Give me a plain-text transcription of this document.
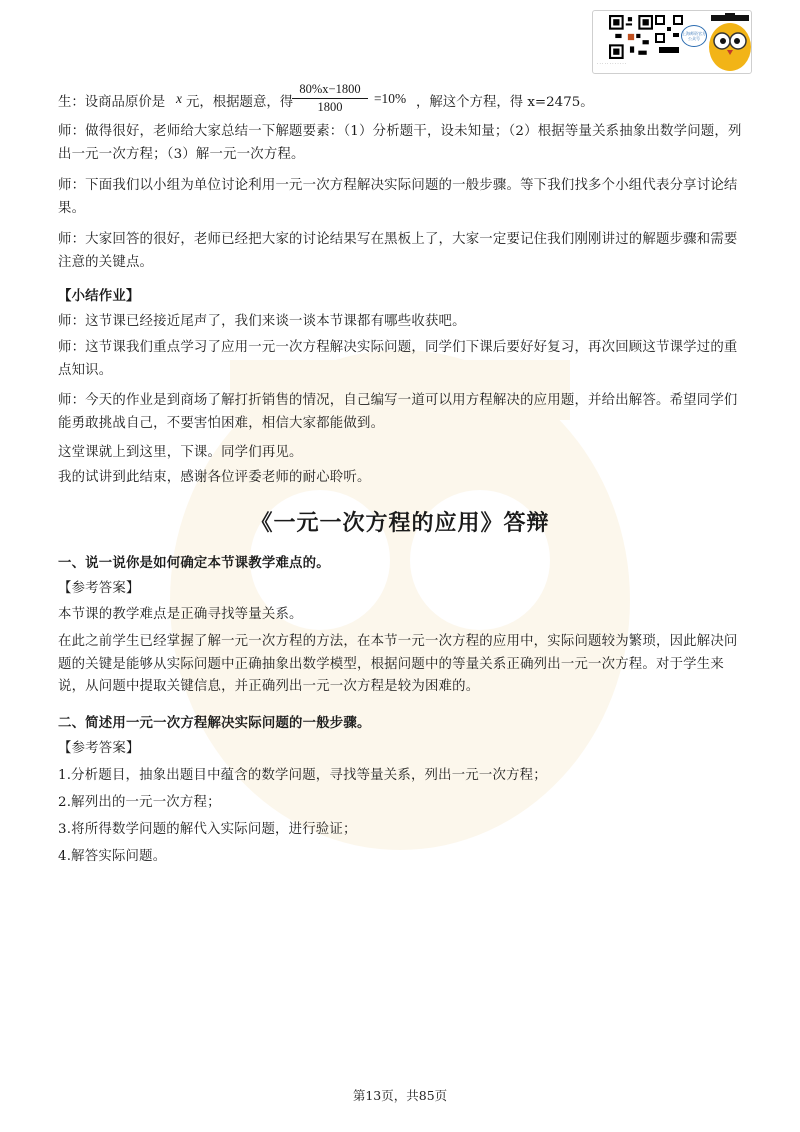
上海师资官方公众号
· · · · · · · · · · · ·
生：设商品原价是 x 元，根据题意，得
80%x−1800
1800
=10% ，解这个方程，得 x=2475。

师：做得很好，老师给大家总结一下解题要素：（1）分析题干，设未知量；（2）根据等量关系抽象出数学问题，列出一元一次方程；（3）解一元一次方程。

师：下面我们以小组为单位讨论利用一元一次方程解决实际问题的一般步骤。等下我们找多个小组代表分享讨论结果。

师：大家回答的很好，老师已经把大家的讨论结果写在黑板上了，大家一定要记住我们刚刚讲过的解题步骤和需要注意的关键点。

【小结作业】

师：这节课已经接近尾声了，我们来谈一谈本节课都有哪些收获吧。

师：这节课我们重点学习了应用一元一次方程解决实际问题，同学们下课后要好好复习，再次回顾这节课学过的重点知识。

师：今天的作业是到商场了解打折销售的情况，自己编写一道可以用方程解决的应用题，并给出解答。希望同学们能勇敢挑战自己，不要害怕困难，相信大家都能做到。

这堂课就上到这里，下课。同学们再见。

我的试讲到此结束，感谢各位评委老师的耐心聆听。

《一元一次方程的应用》答辩

一、说一说你是如何确定本节课教学难点的。

【参考答案】

本节课的教学难点是正确寻找等量关系。

在此之前学生已经掌握了解一元一次方程的方法，在本节一元一次方程的应用中，实际问题较为繁琐，因此解决问题的关键是能够从实际问题中正确抽象出数学模型，根据问题中的等量关系正确列出一元一次方程。对于学生来说，从问题中提取关键信息，并正确列出一元一次方程是较为困难的。

二、简述用一元一次方程解决实际问题的一般步骤。

【参考答案】

1.分析题目，抽象出题目中蕴含的数学问题，寻找等量关系，列出一元一次方程；

2.解列出的一元一次方程；

3.将所得数学问题的解代入实际问题，进行验证；

4.解答实际问题。

第13页，共85页
